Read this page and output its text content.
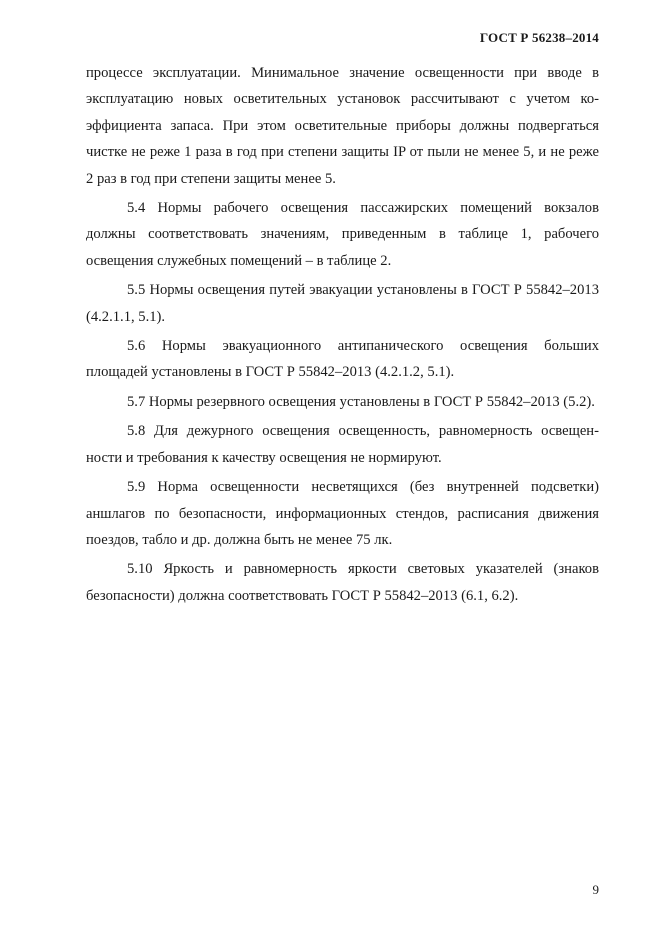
ГОСТ Р 56238–2014

процессе эксплуатации. Минимальное значение освещенности при вводе в эксплуатацию новых осветительных установок рассчитывают с учетом коэффициента запаса. При этом осветительные приборы должны подвергаться чистке не реже 1 раза в год при степени защиты IP от пыли не менее 5, и не реже 2 раз в год при степени защиты менее 5.

5.4 Нормы рабочего освещения пассажирских помещений вокзалов должны соответствовать значениям, приведенным в таблице 1, рабочего освещения служебных помещений – в таблице 2.

5.5 Нормы освещения путей эвакуации установлены в ГОСТ Р 55842–2013 (4.2.1.1, 5.1).

5.6 Нормы эвакуационного антипанического освещения больших площадей установлены в ГОСТ Р 55842–2013 (4.2.1.2, 5.1).

5.7 Нормы резервного освещения установлены в ГОСТ Р 55842–2013 (5.2).

5.8 Для дежурного освещения освещенность, равномерность освещенности и требования к качеству освещения не нормируют.

5.9 Норма освещенности несветящихся (без внутренней подсветки) аншлагов по безопасности, информационных стендов, расписания движения поездов, табло и др. должна быть не менее 75 лк.

5.10 Яркость и равномерность яркости световых указателей (знаков безопасности) должна соответствовать ГОСТ Р 55842–2013 (6.1, 6.2).

9
